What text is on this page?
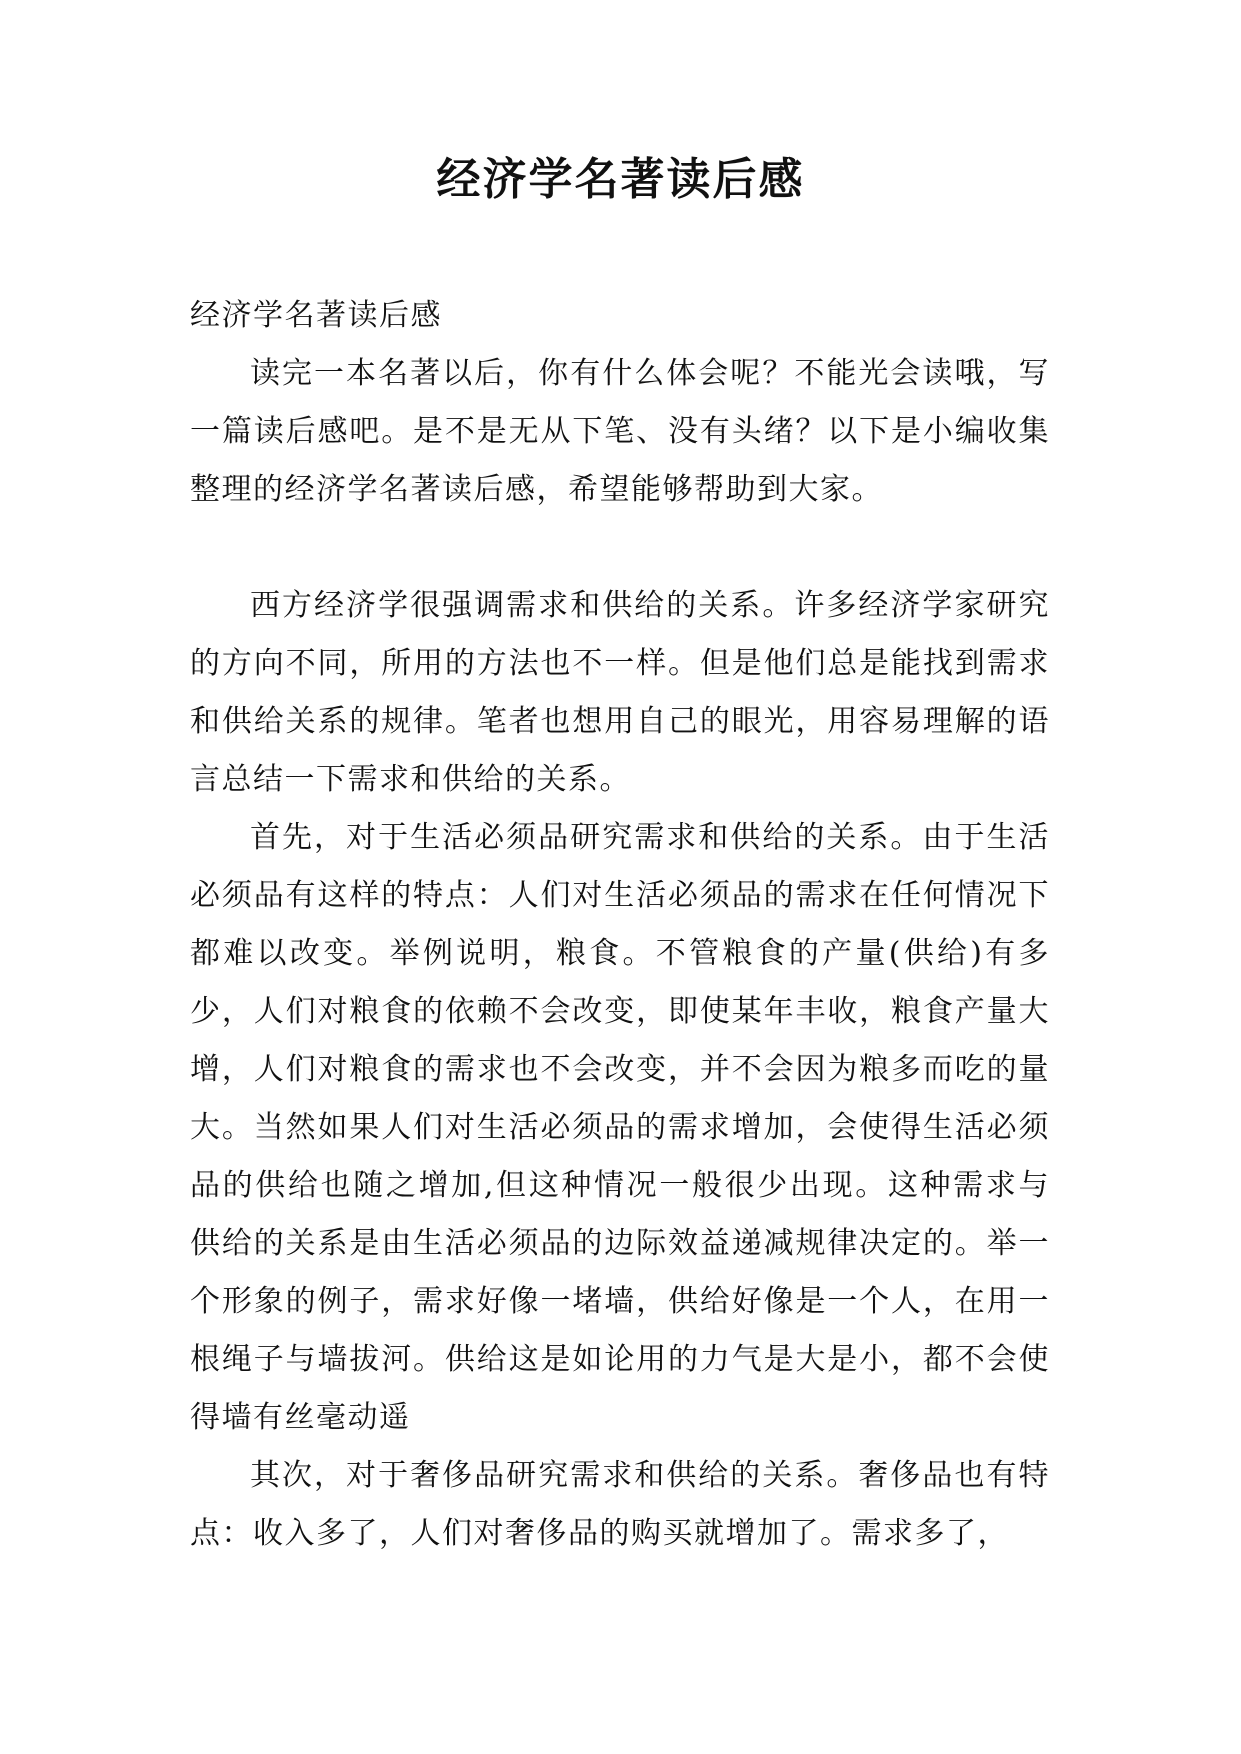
经济学名著读后感

经济学名著读后感

读完一本名著以后，你有什么体会呢？不能光会读哦，写一篇读后感吧。是不是无从下笔、没有头绪？以下是小编收集整理的经济学名著读后感，希望能够帮助到大家。

西方经济学很强调需求和供给的关系。许多经济学家研究的方向不同，所用的方法也不一样。但是他们总是能找到需求和供给关系的规律。笔者也想用自己的眼光，用容易理解的语言总结一下需求和供给的关系。

首先，对于生活必须品研究需求和供给的关系。由于生活必须品有这样的特点：人们对生活必须品的需求在任何情况下都难以改变。举例说明，粮食。不管粮食的产量(供给)有多少，人们对粮食的依赖不会改变，即使某年丰收，粮食产量大增，人们对粮食的需求也不会改变，并不会因为粮多而吃的量大。当然如果人们对生活必须品的需求增加，会使得生活必须品的供给也随之增加,但这种情况一般很少出现。这种需求与供给的关系是由生活必须品的边际效益递减规律决定的。举一个形象的例子，需求好像一堵墙，供给好像是一个人，在用一根绳子与墙拔河。供给这是如论用的力气是大是小，都不会使得墙有丝毫动遥

其次，对于奢侈品研究需求和供给的关系。奢侈品也有特点：收入多了，人们对奢侈品的购买就增加了。需求多了，
